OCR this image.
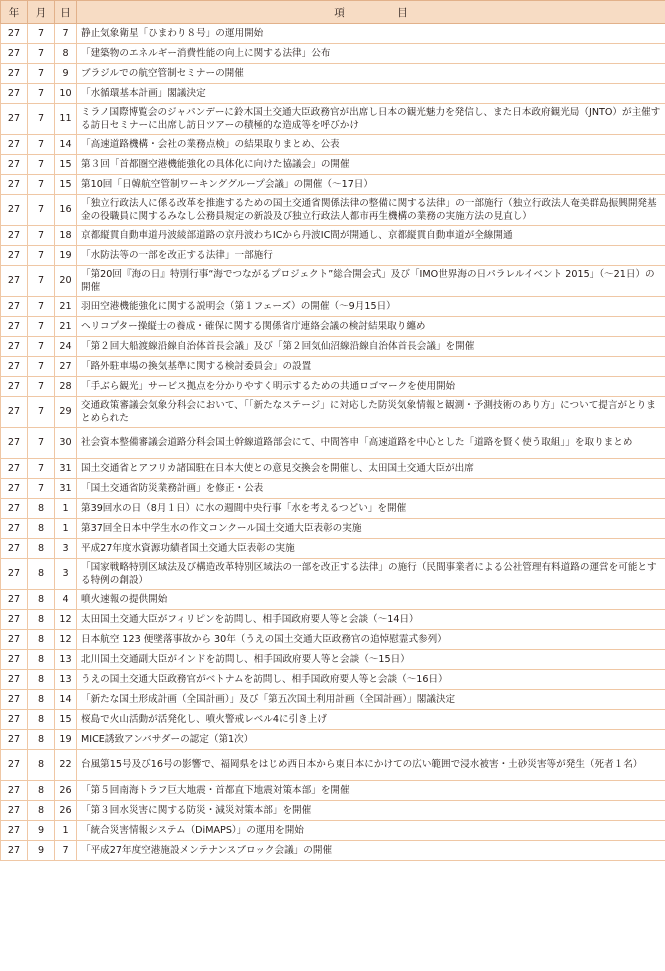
年	月	日	項　　　　　目
27	7	7	静止気象衛星「ひまわり８号」の運用開始
27	7	8	「建築物のエネルギー消費性能の向上に関する法律」公布
27	7	9	ブラジルでの航空管制セミナーの開催
27	7	10	「水循環基本計画」閣議決定
27	7	11	ミラノ国際博覧会のジャパンデーに鈴木国土交通大臣政務官が出席し日本の観光魅力を発信し、また日本政府観光局（JNTO）が主催する訪日セミナーに出席し訪日ツアーの積極的な造成等を呼びかけ
27	7	14	「高速道路機構・会社の業務点検」の結果取りまとめ、公表
27	7	15	第３回「首都圏空港機能強化の具体化に向けた協議会」の開催
27	7	15	第10回「日韓航空管制ワーキンググループ会議」の開催（〜17日）
27	7	16	「独立行政法人に係る改革を推進するための国土交通省関係法律の整備に関する法律」の一部施行（独立行政法人奄美群島振興開発基金の役職員に関するみなし公務員規定の新設及び独立行政法人都市再生機構の業務の実施方法の見直し）
27	7	18	京都縦貫自動車道丹波綾部道路の京丹波わちICから丹波IC間が開通し、京都縦貫自動車道が全線開通
27	7	19	「水防法等の一部を改正する法律」一部施行
27	7	20	「第20回『海の日』特別行事“海でつながるプロジェクト”総合開会式」及び「IMO世界海の日パラレルイベント 2015」（〜21日）の開催
27	7	21	羽田空港機能強化に関する説明会（第１フェーズ）の開催（〜9月15日）
27	7	21	ヘリコプター操縦士の養成・確保に関する関係省庁連絡会議の検討結果取り纏め
27	7	24	「第２回大船渡線沿線自治体首長会議」及び「第２回気仙沼線沿線自治体首長会議」を開催
27	7	27	「路外駐車場の換気基準に関する検討委員会」の設置
27	7	28	「手ぶら観光」サービス拠点を分かりやすく明示するための共通ロゴマークを使用開始
27	7	29	交通政策審議会気象分科会において、「「新たなステージ」に対応した防災気象情報と観測・予測技術のあり方」について提言がとりまとめられた
27	7	30	社会資本整備審議会道路分科会国土幹線道路部会にて、中間答申「高速道路を中心とした「道路を賢く使う取組」」を取りまとめ
27	7	31	国土交通省とアフリカ諸国駐在日本大使との意見交換会を開催し、太田国土交通大臣が出席
27	7	31	「国土交通省防災業務計画」を修正・公表
27	8	1	第39回水の日（8月１日）に水の週間中央行事「水を考えるつどい」を開催
27	8	1	第37回全日本中学生水の作文コンクール国土交通大臣表彰の実施
27	8	3	平成27年度水資源功績者国土交通大臣表彰の実施
27	8	3	「国家戦略特別区域法及び構造改革特別区域法の一部を改正する法律」の施行（民間事業者による公社管理有料道路の運営を可能とする特例の創設）
27	8	4	噴火速報の提供開始
27	8	12	太田国土交通大臣がフィリピンを訪問し、相手国政府要人等と会談（〜14日）
27	8	12	日本航空 123 便墜落事故から 30年（うえの国土交通大臣政務官の追悼慰霊式参列）
27	8	13	北川国土交通副大臣がインドを訪問し、相手国政府要人等と会談（〜15日）
27	8	13	うえの国土交通大臣政務官がベトナムを訪問し、相手国政府要人等と会談（〜16日）
27	8	14	「新たな国土形成計画（全国計画）」及び「第五次国土利用計画（全国計画）」閣議決定
27	8	15	桜島で火山活動が活発化し、噴火警戒レベル4に引き上げ
27	8	19	MICE誘致アンバサダーの認定（第1次）
27	8	22	台風第15号及び16号の影響で、福岡県をはじめ西日本から東日本にかけての広い範囲で浸水被害・土砂災害等が発生（死者１名）
27	8	26	「第５回南海トラフ巨大地震・首都直下地震対策本部」を開催
27	8	26	「第３回水災害に関する防災・減災対策本部」を開催
27	9	1	「統合災害情報システム（DiMAPS）」の運用を開始
27	9	7	「平成27年度空港施設メンテナンスブロック会議」の開催
